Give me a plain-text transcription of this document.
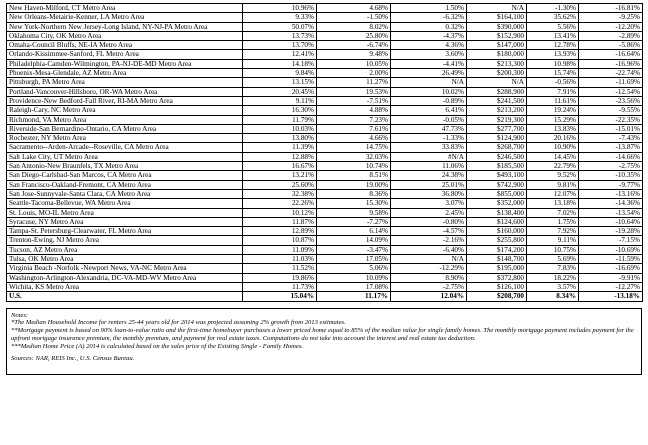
New Haven-Milford, CT Metro Area	10.96%	4.68%	1.50%	N/A	-1.30%	-16.81%
New Orleans-Metairie-Kenner, LA Metro Area	9.33%	-1.50%	-6.32%	$164,100	35.62%	-9.25%
New York-Northern New Jersey-Long Island, NY-NJ-PA Metro Area	50.07%	8.02%	0.32%	$390,000	5.56%	-12.20%
Oklahoma City, OK Metro Area	13.73%	25.80%	-4.37%	$152,900	13.41%	-2.89%
Omaha-Council Bluffs, NE-IA Metro Area	13.70%	-6.74%	4.36%	$147,000	12.78%	-5.86%
Orlando-Kissimmee-Sanford, FL Metro Area	12.41%	9.48%	3.60%	$180,000	13.93%	-16.64%
Philadelphia-Camden-Wilmington, PA-NJ-DE-MD Metro Area	14.18%	10.05%	-4.41%	$213,300	10.98%	-16.96%
Phoenix-Mesa-Glendale, AZ Metro Area	9.84%	2.00%	26.49%	$200,300	15.74%	-22.74%
Pittsburgh, PA Metro Area	13.15%	11.27%	N/A	N/A	-0.56%	-11.69%
Portland-Vancouver-Hillsboro, OR-WA Metro Area	20.45%	19.53%	10.02%	$288,900	7.91%	-12.54%
Providence-New Bedford-Fall River, RI-MA Metro Area	9.11%	-7.51%	-0.89%	$241,500	11.61%	-23.56%
Raleigh-Cary, NC Metro Area	16.30%	4.88%	6.41%	$213,200	19.24%	-9.55%
Richmond, VA Metro Area	11.79%	7.23%	-0.05%	$219,300	15.29%	-22.35%
Riverside-San Bernardino-Ontario, CA Metro Area	10.03%	7.61%	47.73%	$277,700	13.83%	-15.01%
Rochester, NY Metro Area	13.80%	4.66%	-1.33%	$124,900	20.16%	-7.43%
Sacramento--Arden-Arcade--Roseville, CA Metro Area	11.39%	14.75%	33.83%	$268,700	10.90%	-13.87%
Salt Lake City, UT Metro Area	12.88%	32.03%	#N/A	$246,500	14.45%	-14.66%
San Antonio-New Braunfels, TX Metro Area	16.67%	10.74%	11.06%	$185,500	22.79%	-2.75%
San Diego-Carlsbad-San Marcos, CA Metro Area	13.21%	8.51%	24.38%	$493,100	9.52%	-10.35%
San Francisco-Oakland-Fremont, CA Metro Area	25.60%	19.00%	25.01%	$742,900	9.81%	-9.77%
San Jose-Sunnyvale-Santa Clara, CA Metro Area	32.38%	8.36%	36.80%	$855,000	12.07%	-13.16%
Seattle-Tacoma-Bellevue, WA Metro Area	22.26%	15.30%	3.07%	$352,000	13.18%	-14.36%
St. Louis, MO-IL Metro Area	10.12%	9.58%	2.45%	$138,400	7.02%	-13.54%
Syracuse, NY Metro Area	11.87%	-7.27%	-0.80%	$124,600	1.75%	-10.64%
Tampa-St. Petersburg-Clearwater, FL Metro Area	12.89%	6.14%	-4.57%	$160,000	7.92%	-19.28%
Trenton-Ewing, NJ Metro Area	10.87%	14.09%	-2.16%	$255,800	9.11%	-7.15%
Tucson, AZ Metro Area	11.09%	-3.47%	-6.40%	$174,200	10.75%	-10.69%
Tulsa, OK Metro Area	11.03%	17.05%	N/A	$148,700	5.69%	-11.59%
Virginia Beach -Norfolk -Newport News, VA-NC Metro Area	11.52%	5.06%	-12.29%	$195,000	7.83%	-16.69%
Washington-Arlington-Alexandria, DC-VA-MD-WV Metro Area	19.86%	10.09%	8.90%	$372,800	18.22%	-9.91%
Wichita, KS Metro Area	11.73%	17.08%	-2.75%	$126,100	3.57%	-12.27%
U.S.	15.04%	11.17%	12.04%	$208,700	8.34%	-13.18%
Notes:
*The Median Household Income for renters 25-44 years old for 2014 was projected assuming 2% growth from 2013 estimates.
**Mortgage payment is based on 90% loan-to-value ratio and the first-time homebuyer purchases a lower priced home equal to 85% of the median value for single family homes. The monthly mortgage payment includes payment for the upfront mortgage insurance premium, the monthly premium, and payment for real estate taxes. Computations do not take into account the interest and real estate tax deduction.
***Median Home Price (A) 2014 is calculated based on the sales price of the Existing Single - Family Homes.
Sources: NAR, REIS Inc., U.S. Census Bureau.
